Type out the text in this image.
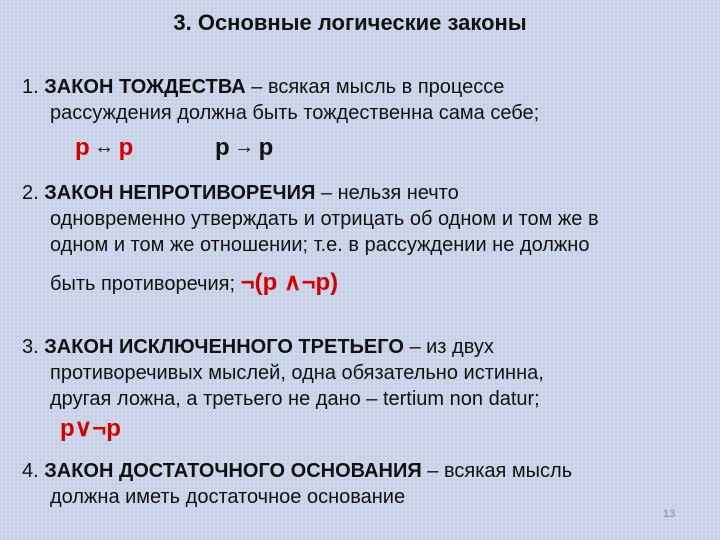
3. Основные логические законы
1. ЗАКОН ТОЖДЕСТВА – всякая мысль в процессе
рассуждения должна быть тождественна сама себе;
p ↔ p	p → p
2. ЗАКОН НЕПРОТИВОРЕЧИЯ – нельзя нечто
одновременно утверждать и отрицать об одном и том же в
одном и том же отношении; т.е. в рассуждении не должно
быть противоречия; ¬(p ∧¬p)
3. ЗАКОН ИСКЛЮЧЕННОГО ТРЕТЬЕГО – из двух
противоречивых мыслей, одна обязательно истинна,
другая ложна, а третьего не дано – tertium non datur;
p∨¬p
4. ЗАКОН ДОСТАТОЧНОГО ОСНОВАНИЯ – всякая мысль
должна иметь достаточное основание
13
